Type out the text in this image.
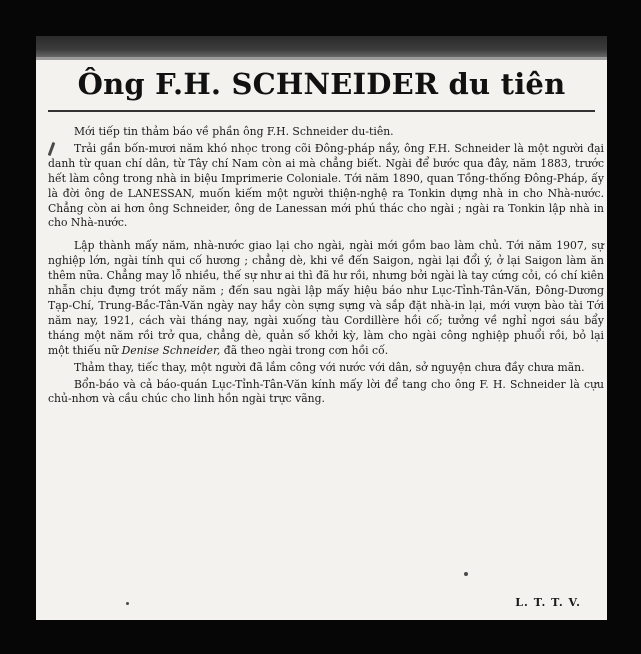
Ông F.H. SCHNEIDER du tiên

Mới tiếp tin thảm báo về phần ông F.H. Schneider du-tiên.

Trải gần bốn-mươi năm khó nhọc trong cõi Đông-pháp nầy, ông F.H. Schneider là một người đại danh từ quan chí dân, từ Tây chí Nam còn ai mà chẳng biết. Ngài để bước qua đây, năm 1883, trước hết làm công trong nhà in biệu Imprimerie Coloniale. Tới năm 1890, quan Tồng-thống Đông-Pháp, ấy là đời ông de LANESSAN, muốn kiếm một người thiện-nghệ ra Tonkin dựng nhà in cho Nhà-nước. Chẳng còn ai hơn ông Schneider, ông de Lanessan mới phú thác cho ngài ; ngài ra Tonkin lập nhà in cho Nhà-nước.

Lập thành mấy năm, nhà-nước giao lại cho ngài, ngài mới gồm bao làm chủ. Tới năm 1907, sự nghiệp lớn, ngài tính qui cố hương ; chẳng dè, khi về đến Saigon, ngài lại đổi ý, ở lại Saigon làm ăn thêm nữa. Chẳng may lỗ nhiều, thế sự như ai thì đã hư rồi, nhưng bởi ngài là tay cứng cỏi, có chí kiên nhẫn chịu đựng trót mấy năm ; đến sau ngài lập mấy hiệu báo như Lục-Tỉnh-Tân-Văn, Đông-Dương Tạp-Chí, Trung-Bắc-Tân-Văn ngày nay hầy còn sựng sựng và sắp đặt nhà-in lại, mới vượn bào tài Tới năm nay, 1921, cách vài tháng nay, ngài xuống tàu Cordillère hồi cố; tưởng về nghỉ ngơi sáu bẩy tháng một năm rồi trở qua, chẳng dè, quản số khởi kỳ, làm cho ngài công nghiệp phuổi rồi, bỏ lại một thiếu nữ Denise Schneider, đã theo ngài trong cơn hồi cố.

Thảm thay, tiếc thay, một người đã lắm công với nước với dân, sở nguyện chưa đầy chưa mãn.

Bổn-báo và cả báo-quán Lục-Tỉnh-Tân-Văn kính mấy lời để tang cho ông F. H. Schneider là cựu chủ-nhơn và cầu chúc cho linh hồn ngài trực vãng.

L. T. T. V.
